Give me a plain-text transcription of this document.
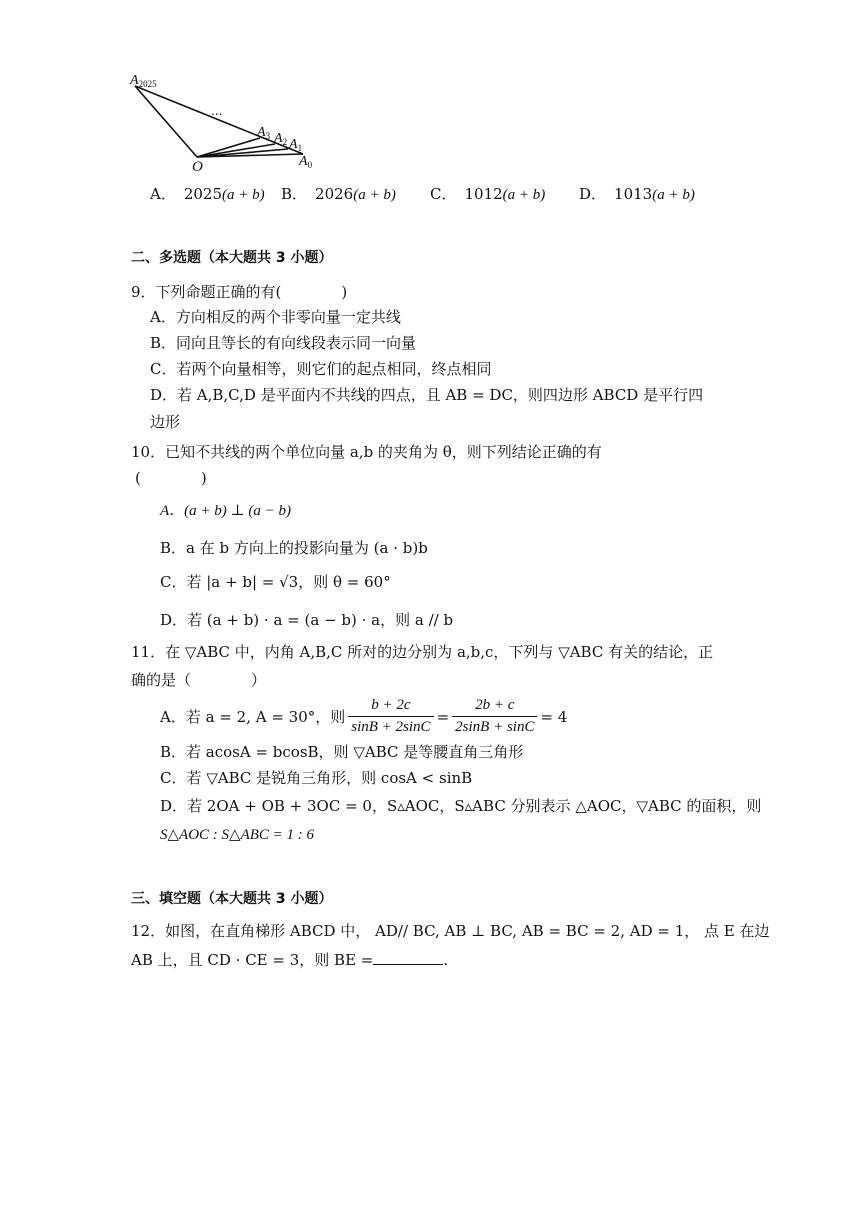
$A_{2025}$
...
$A_3$ $A_2$ $A_1$
O	$A_0$
A． 2025(a + b) B． 2026(a + b) C． 1012(a + b) D． 1013(a + b)
二、多选题（本大题共 3 小题）
9．下列命题正确的有(　　　　)
A．方向相反的两个非零向量一定共线
B．同向且等长的有向线段表示同一向量
C．若两个向量相等，则它们的起点相同，终点相同
D．若 A,B,C,D 是平面内不共线的四点，且 AB = DC，则四边形 ABCD 是平行四
边形
10．已知不共线的两个单位向量 a,b 的夹角为 θ，则下列结论正确的有
(　　　　)
A．(a + b) ⊥ (a − b)
B．a 在 b 方向上的投影向量为 (a · b)b
C．若 |a + b| = √3，则 θ = 60°
D．若 (a + b) · a = (a − b) · a，则 a // b
11．在 ▽ABC 中，内角 A,B,C 所对的边分别为 a,b,c，下列与 ▽ABC 有关的结论，正
确的是（　　　　）
A．若 a = 2, A = 30°，则 $\frac{b + 2c}{\sin B + 2\sin C} = \frac{2b + c}{2\sin B + \sin C} = 4$
B．若 acosA = bcosB，则 ▽ABC 是等腰直角三角形
C．若 ▽ABC 是锐角三角形，则 cosA < sinB
D．若 2OA + OB + 3OC = 0，S▵AOC，S▵ABC 分别表示 △AOC，▽ABC 的面积，则
S△AOC : S△ABC = 1 : 6
三、填空题（本大题共 3 小题）
12．如图，在直角梯形 ABCD 中， AD// BC, AB ⊥ BC, AB = BC = 2, AD = 1， 点 E 在边
AB 上，且 CD · CE = 3，则 BE =	.
